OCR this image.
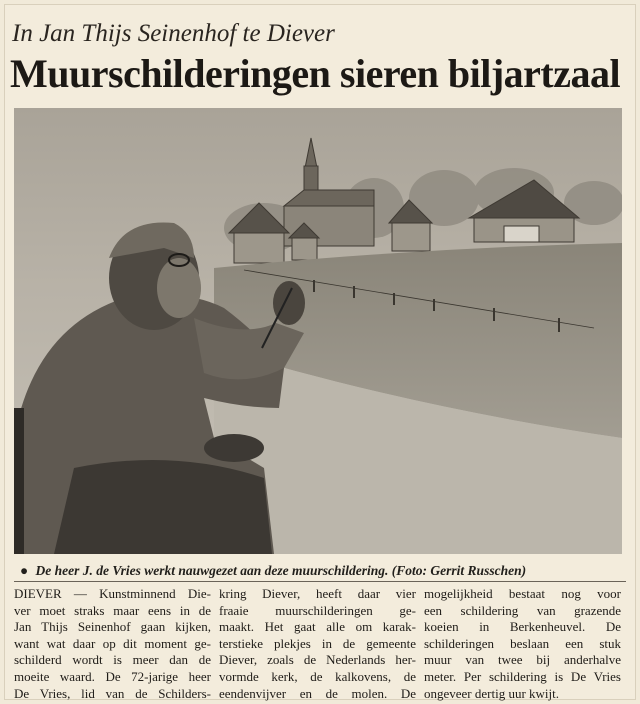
In Jan Thijs Seinenhof te Diever
Muurschilderingen sieren biljartzaal
● De heer J. de Vries werkt nauwgezet aan deze muurschildering. (Foto: Gerrit Russchen)
DIEVER — Kunstminnend Die-
ver moet straks maar eens in de
Jan Thijs Seinenhof gaan kijken,
want wat daar op dit moment ge-
schilderd wordt is meer dan de
moeite waard. De 72-jarige heer
De Vries, lid van de Schilders-
kring Diever, heeft daar vier
fraaie muurschilderingen ge-
maakt. Het gaat alle om karak-
terstieke plekjes in de gemeente
Diever, zoals de Nederlands her-
vormde kerk, de kalkovens, de
eendenvijver en de molen. De
mogelijkheid bestaat nog voor
een schildering van grazende
koeien in Berkenheuvel. De
schilderingen beslaan een stuk
muur van twee bij anderhalve
meter. Per schildering is De Vries
ongeveer dertig uur kwijt.
